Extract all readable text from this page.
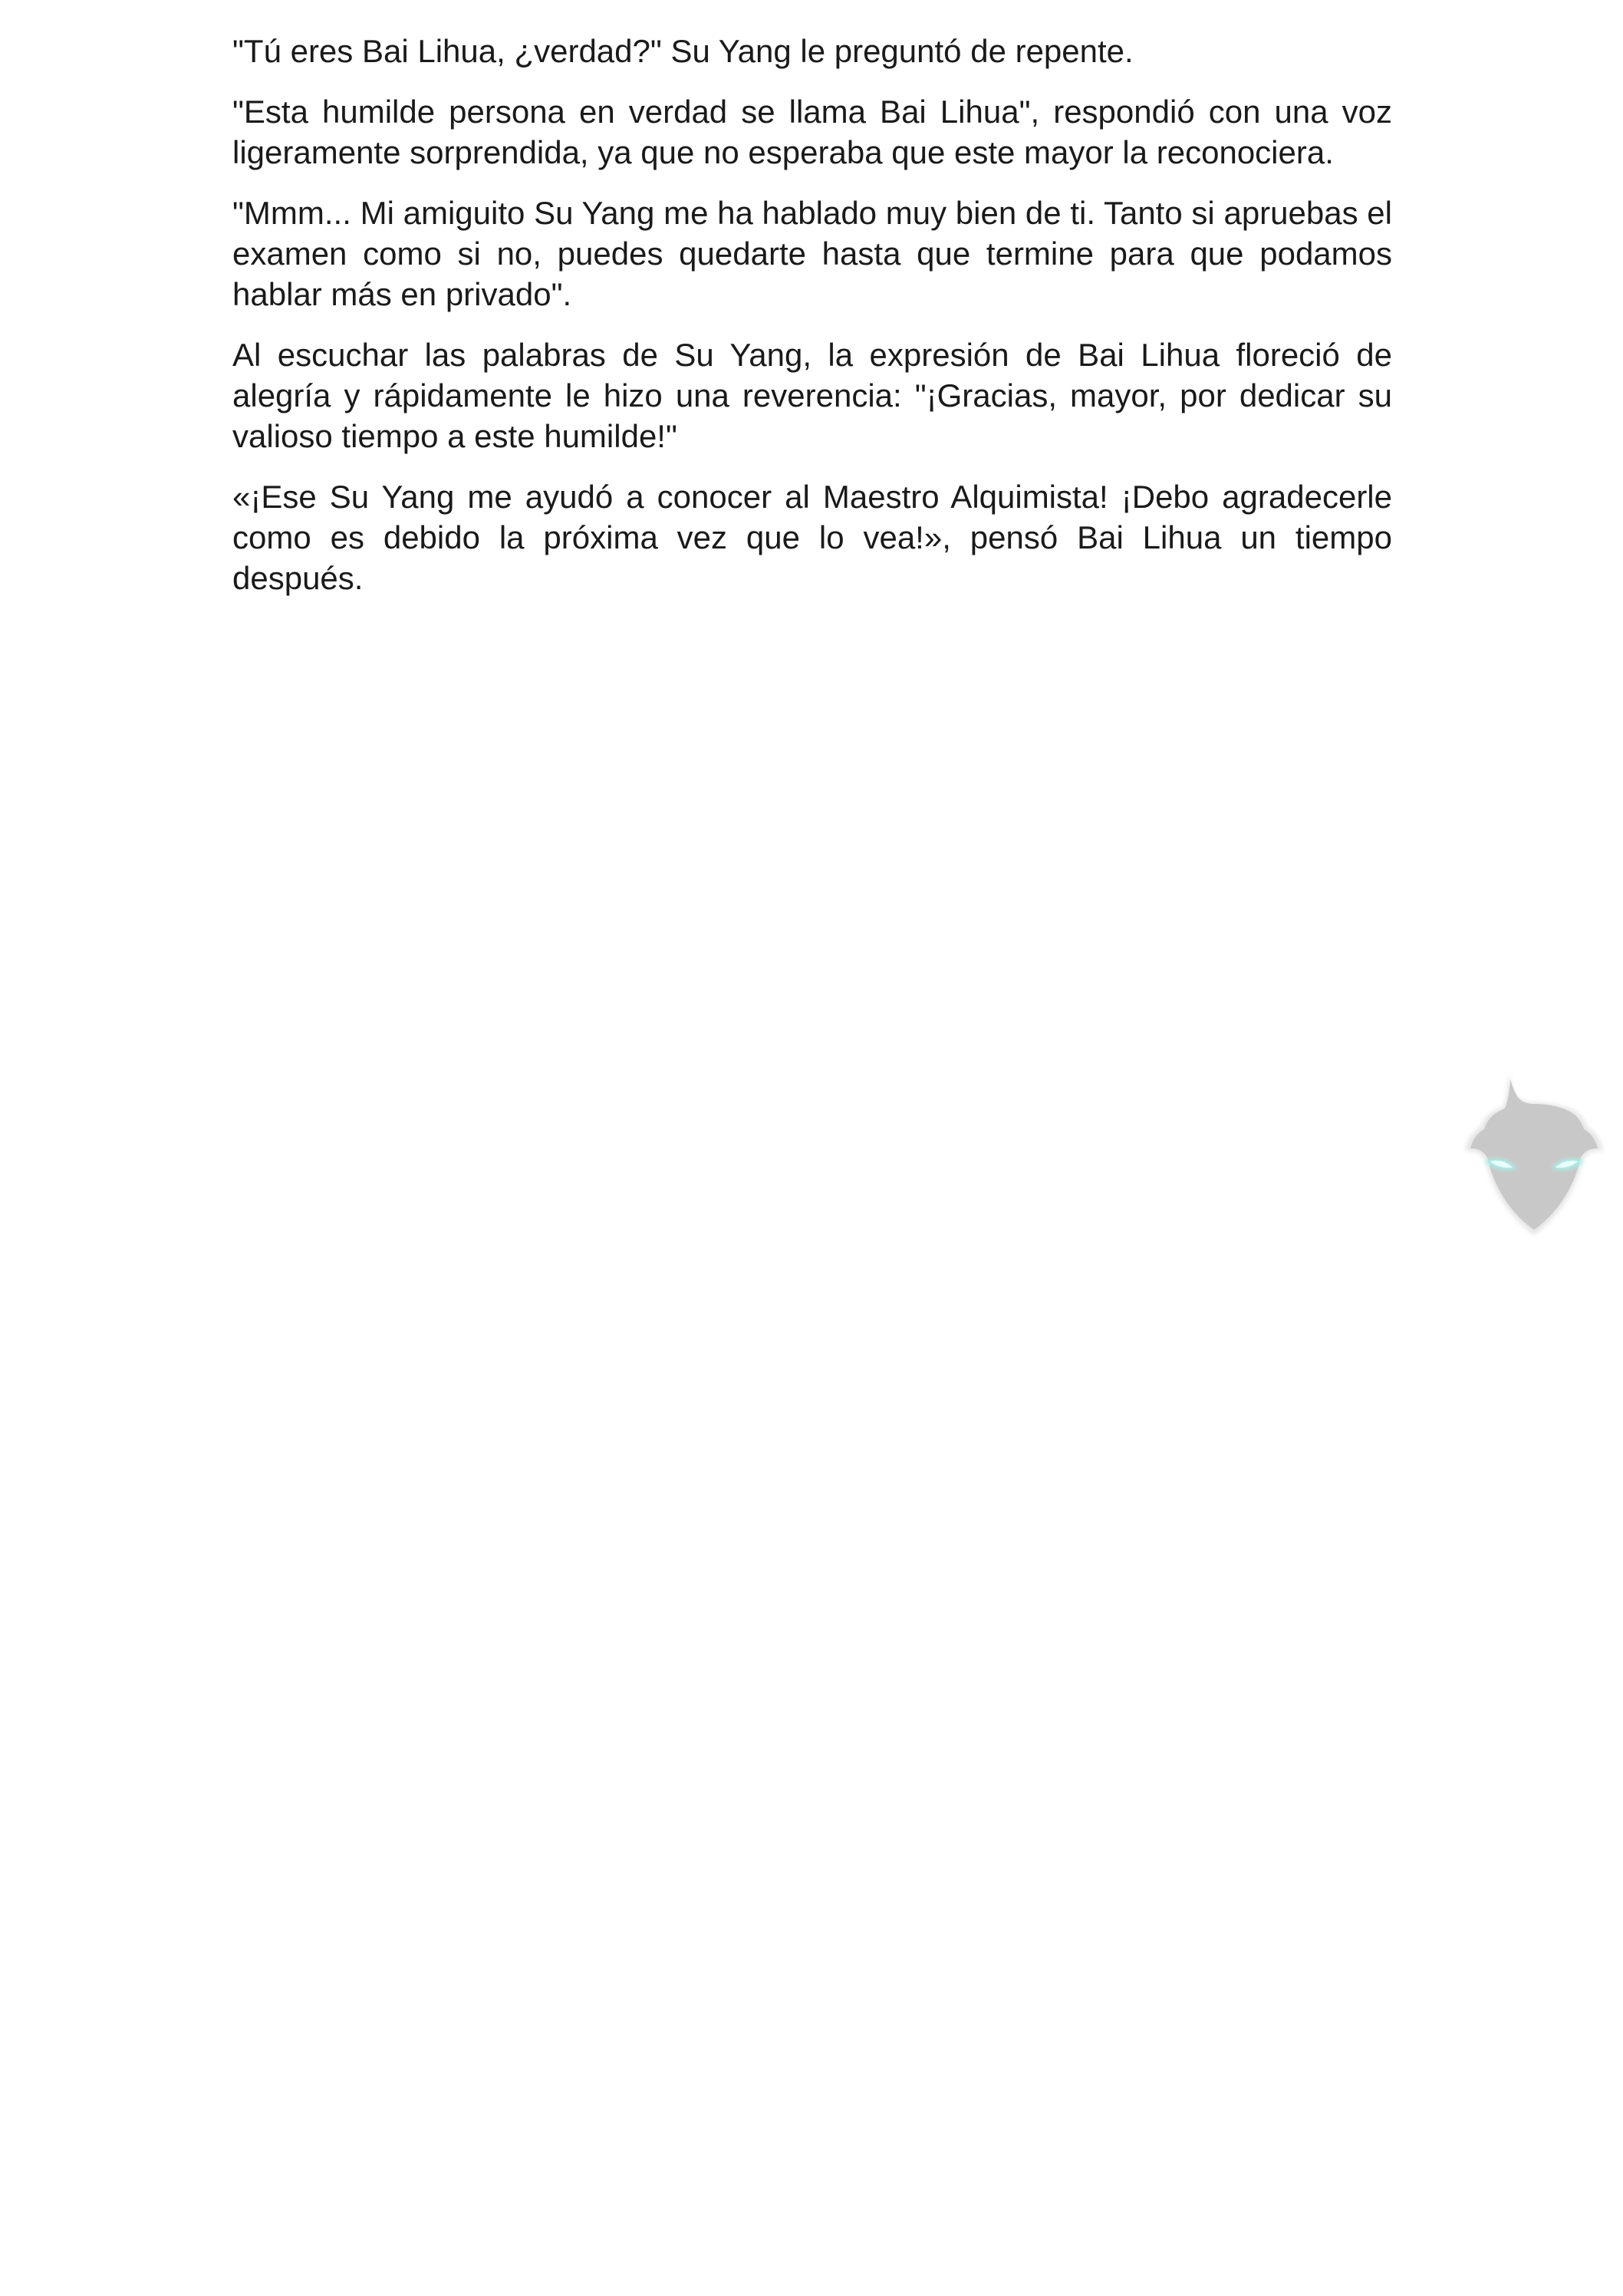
"Tú eres Bai Lihua, ¿verdad?" Su Yang le preguntó de repente.

"Esta humilde persona en verdad se llama Bai Lihua", respondió con una voz ligeramente sorprendida, ya que no esperaba que este mayor la reconociera.

"Mmm... Mi amiguito Su Yang me ha hablado muy bien de ti. Tanto si apruebas el examen como si no, puedes quedarte hasta que termine para que podamos hablar más en privado".

Al escuchar las palabras de Su Yang, la expresión de Bai Lihua floreció de alegría y rápidamente le hizo una reverencia: "¡Gracias, mayor, por dedicar su valioso tiempo a este humilde!"

«¡Ese Su Yang me ayudó a conocer al Maestro Alquimista! ¡Debo agradecerle como es debido la próxima vez que lo vea!», pensó Bai Lihua un tiempo después.
